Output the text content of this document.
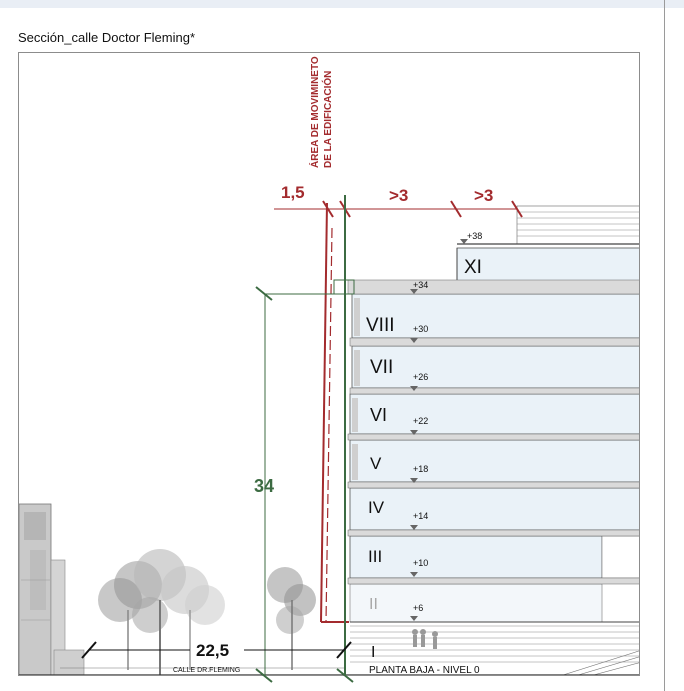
Sección_calle Doctor Fleming*
ÁREA DE MOVIMINETO DE LA EDIFICACIÓN
1,5	>3	>3
34
22,5
CALLE DR.FLEMING	PLANTA BAJA - NIVEL 0
+38
+34
+30
+26
+22
+18
+14
+10
+6
XI
VIII
VII
VI
V
IV
III
II
I
